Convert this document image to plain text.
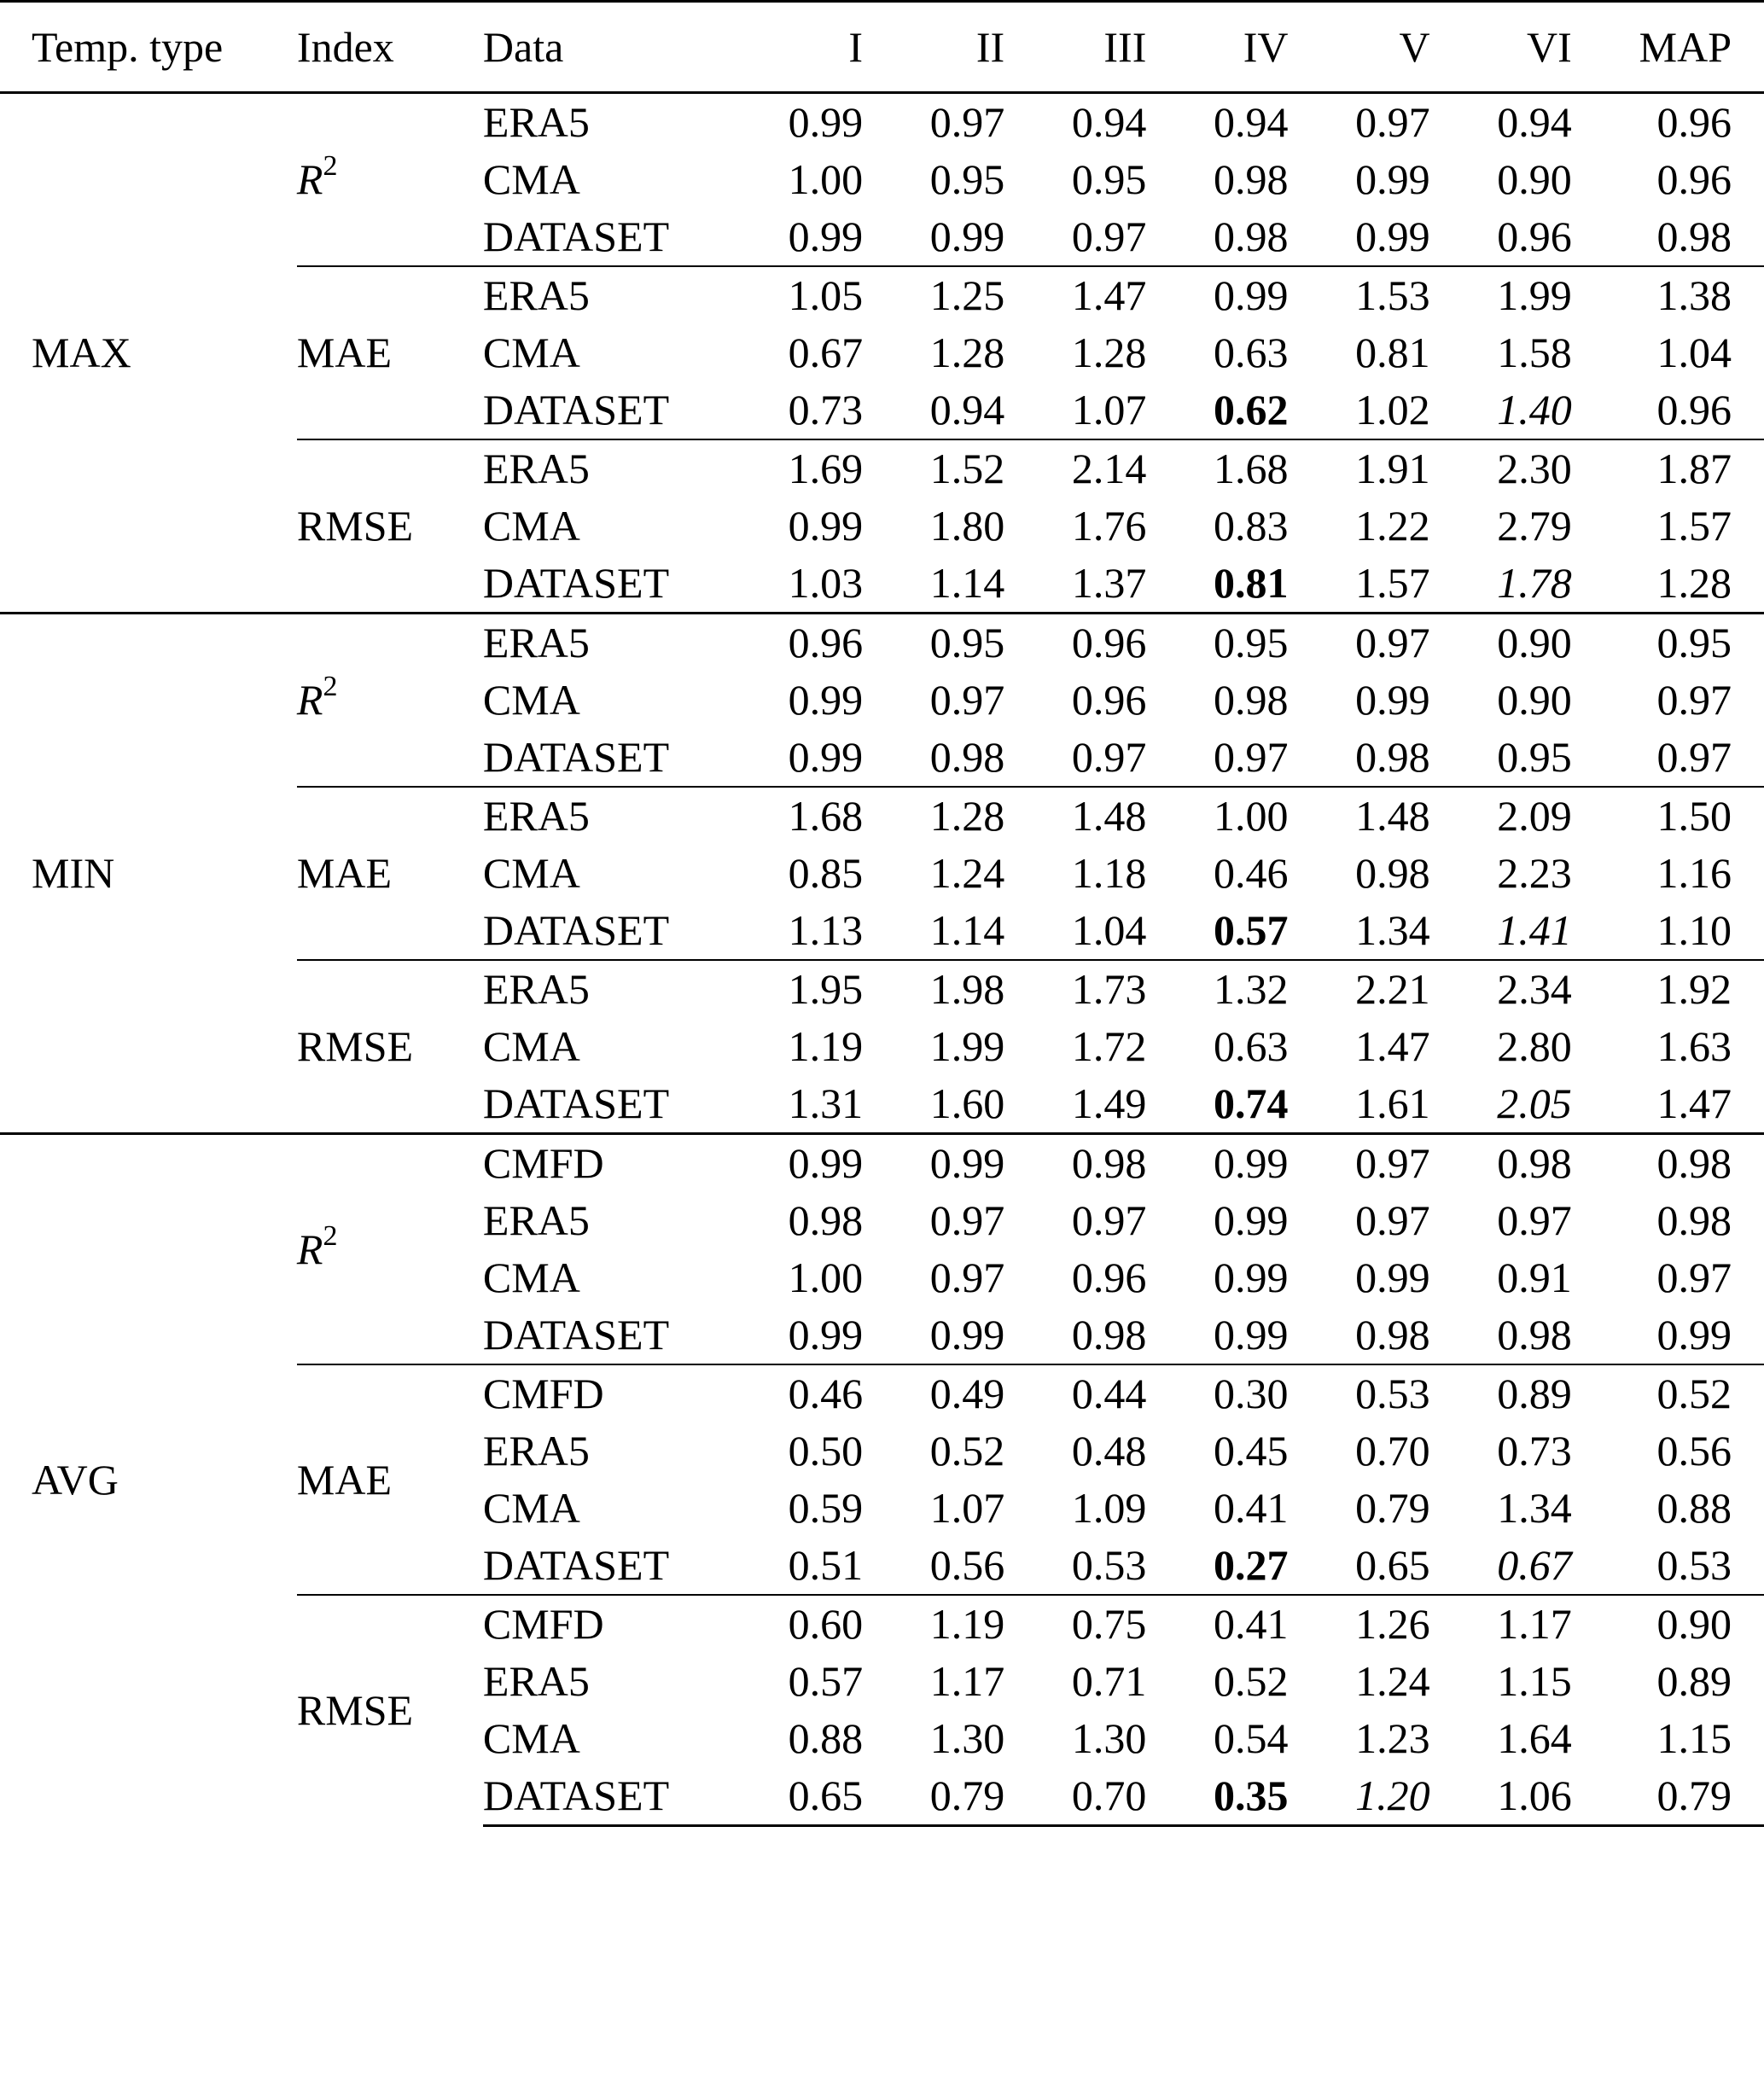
Temp. type	Index	Data	I	II	III	IV	V	VI	MAP
MAX	$R^2$	ERA5	0.99	0.97	0.94	0.94	0.97	0.94	0.96
		CMA	1.00	0.95	0.95	0.98	0.99	0.90	0.96
		DATASET	0.99	0.99	0.97	0.98	0.99	0.96	0.98
	MAE	ERA5	1.05	1.25	1.47	0.99	1.53	1.99	1.38
		CMA	0.67	1.28	1.28	0.63	0.81	1.58	1.04
		DATASET	0.73	0.94	1.07	0.62	1.02	1.40	0.96
	RMSE	ERA5	1.69	1.52	2.14	1.68	1.91	2.30	1.87
		CMA	0.99	1.80	1.76	0.83	1.22	2.79	1.57
		DATASET	1.03	1.14	1.37	0.81	1.57	1.78	1.28
MIN	$R^2$	ERA5	0.96	0.95	0.96	0.95	0.97	0.90	0.95
		CMA	0.99	0.97	0.96	0.98	0.99	0.90	0.97
		DATASET	0.99	0.98	0.97	0.97	0.98	0.95	0.97
	MAE	ERA5	1.68	1.28	1.48	1.00	1.48	2.09	1.50
		CMA	0.85	1.24	1.18	0.46	0.98	2.23	1.16
		DATASET	1.13	1.14	1.04	0.57	1.34	1.41	1.10
	RMSE	ERA5	1.95	1.98	1.73	1.32	2.21	2.34	1.92
		CMA	1.19	1.99	1.72	0.63	1.47	2.80	1.63
		DATASET	1.31	1.60	1.49	0.74	1.61	2.05	1.47
AVG	$R^2$	CMFD	0.99	0.99	0.98	0.99	0.97	0.98	0.98
		ERA5	0.98	0.97	0.97	0.99	0.97	0.97	0.98
		CMA	1.00	0.97	0.96	0.99	0.99	0.91	0.97
		DATASET	0.99	0.99	0.98	0.99	0.98	0.98	0.99
	MAE	CMFD	0.46	0.49	0.44	0.30	0.53	0.89	0.52
		ERA5	0.50	0.52	0.48	0.45	0.70	0.73	0.56
		CMA	0.59	1.07	1.09	0.41	0.79	1.34	0.88
		DATASET	0.51	0.56	0.53	0.27	0.65	0.67	0.53
	RMSE	CMFD	0.60	1.19	0.75	0.41	1.26	1.17	0.90
		ERA5	0.57	1.17	0.71	0.52	1.24	1.15	0.89
		CMA	0.88	1.30	1.30	0.54	1.23	1.64	1.15
		DATASET	0.65	0.79	0.70	0.35	1.20	1.06	0.79
